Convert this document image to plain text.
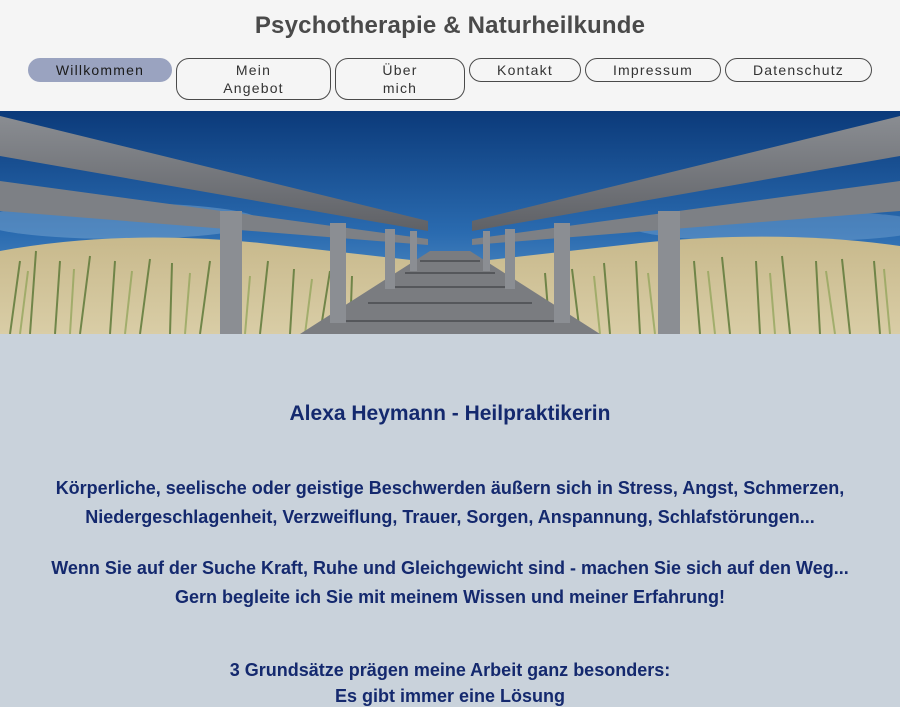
Psychotherapie & Naturheilkunde
Willkommen	Mein Angebot
Über mich
Kontakt	Impressum	Datenschutz
Alexa Heymann - Heilpraktikerin
Körperliche, seelische oder geistige Beschwerden äußern sich in Stress, Angst, Schmerzen,
Niedergeschlagenheit, Verzweiflung, Trauer, Sorgen, Anspannung, Schlafstörungen...
Wenn Sie auf der Suche Kraft, Ruhe und Gleichgewicht sind - machen Sie sich auf den Weg...
Gern begleite ich Sie mit meinem Wissen und meiner Erfahrung!
3 Grundsätze prägen meine Arbeit ganz besonders:
Es gibt immer eine Lösung
